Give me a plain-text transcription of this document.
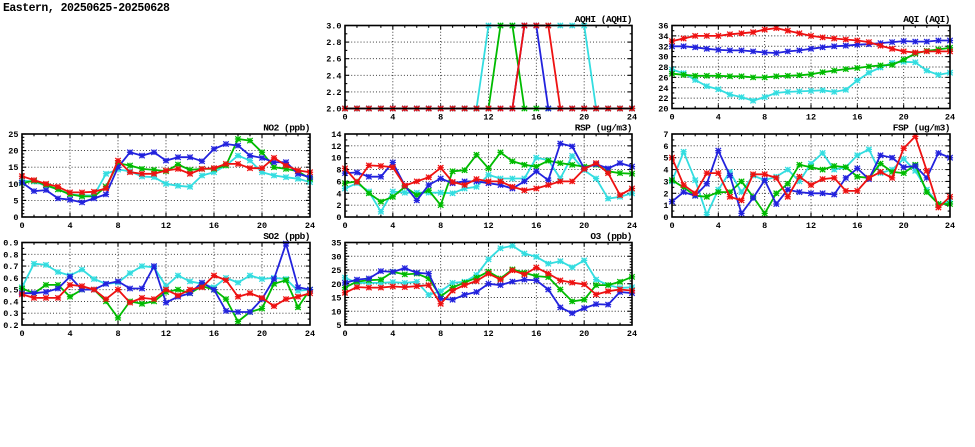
Eastern, 20250625-20250628
2.0
2.2
2.4
2.6
2.8
3.0
0	4	8	12	16	20	24
AQHI (AQHI)
20
22
24
26
28
30
32
34
36
0	4	8	12	16	20	24
AQI (AQI)
0
5
10
15
20
25
0	4	8	12	16	20	24
NO2 (ppb)
0
2
4
6
8
10
12
14
0	4	8	12	16	20	24
RSP (ug/m3)
0
1
2
3
4
5
6
7
0	4	8	12	16	20	24
FSP (ug/m3)
0.2
0.3
0.4
0.5
0.6
0.7
0.8
0.9
0	4	8	12	16	20	24
SO2 (ppb)
5
10
15
20
25
30
35
0	4	8	12	16	20	24
O3 (ppb)
